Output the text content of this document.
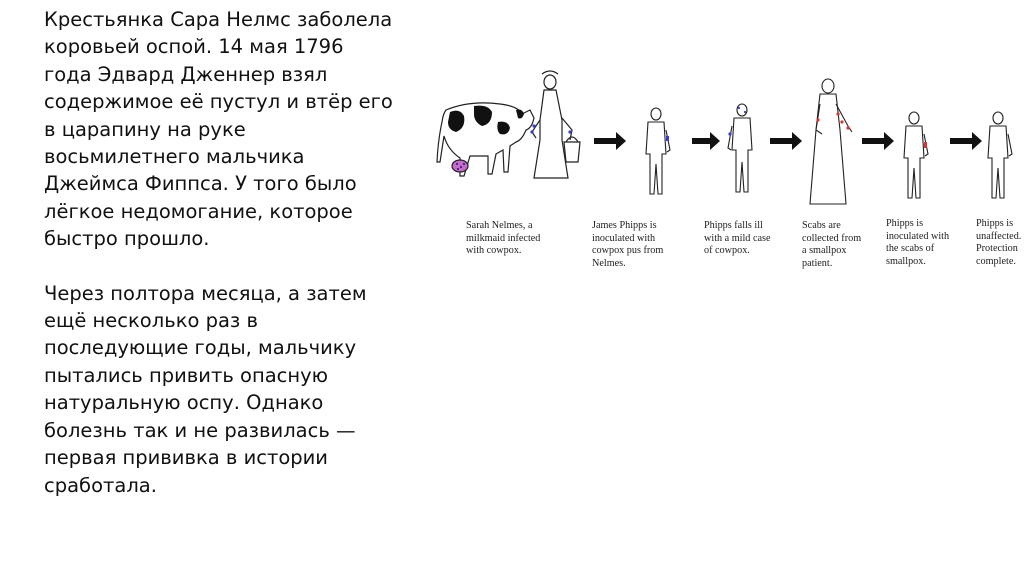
Крестьянка Сара Нелмс заболела
коровьей оспой. 14 мая 1796
года Эдвард Дженнер взял
содержимое её пустул и втёр его
в царапину на руке
восьмилетнего мальчика
Джеймса Фиппса. У того было
лёгкое недомогание, которое
быстро прошло.

Через полтора месяца, а затем
ещё несколько раз в
последующие годы, мальчику
пытались привить опасную
натуральную оспу. Однако
болезнь так и не развилась —
первая прививка в истории
сработала.

Sarah Nelmes, a
milkmaid infected
with cowpox.
James Phipps is
inoculated with
cowpox pus from
Nelmes.
Phipps falls ill
with a mild case
of cowpox.
Scabs are
collected from
a smallpox
patient.
Phipps is
inoculated with
the scabs of
smallpox.
Phipps is
unaffected.
Protection
complete.
